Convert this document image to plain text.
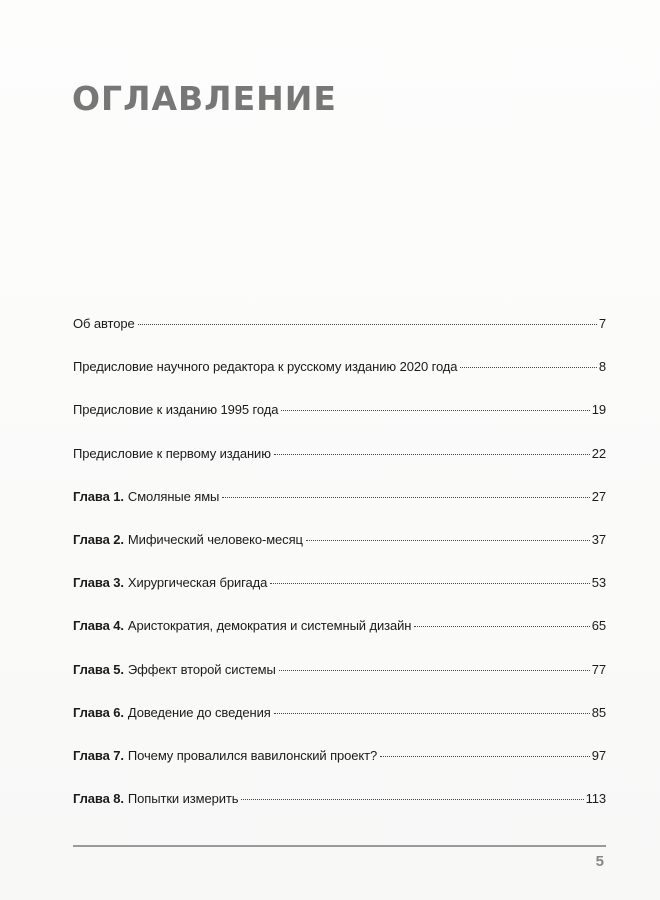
ОГЛАВЛЕНИЕ
Об авторе	7
Предисловие научного редактора к русскому изданию 2020 года	8
Предисловие к изданию 1995 года	19
Предисловие к первому изданию	22
Глава 1. Смоляные ямы	27
Глава 2. Мифический человеко-месяц	37
Глава 3. Хирургическая бригада	53
Глава 4. Аристократия, демократия и системный дизайн	65
Глава 5. Эффект второй системы	77
Глава 6. Доведение до сведения	85
Глава 7. Почему провалился вавилонский проект?	97
Глава 8. Попытки измерить	113
5
